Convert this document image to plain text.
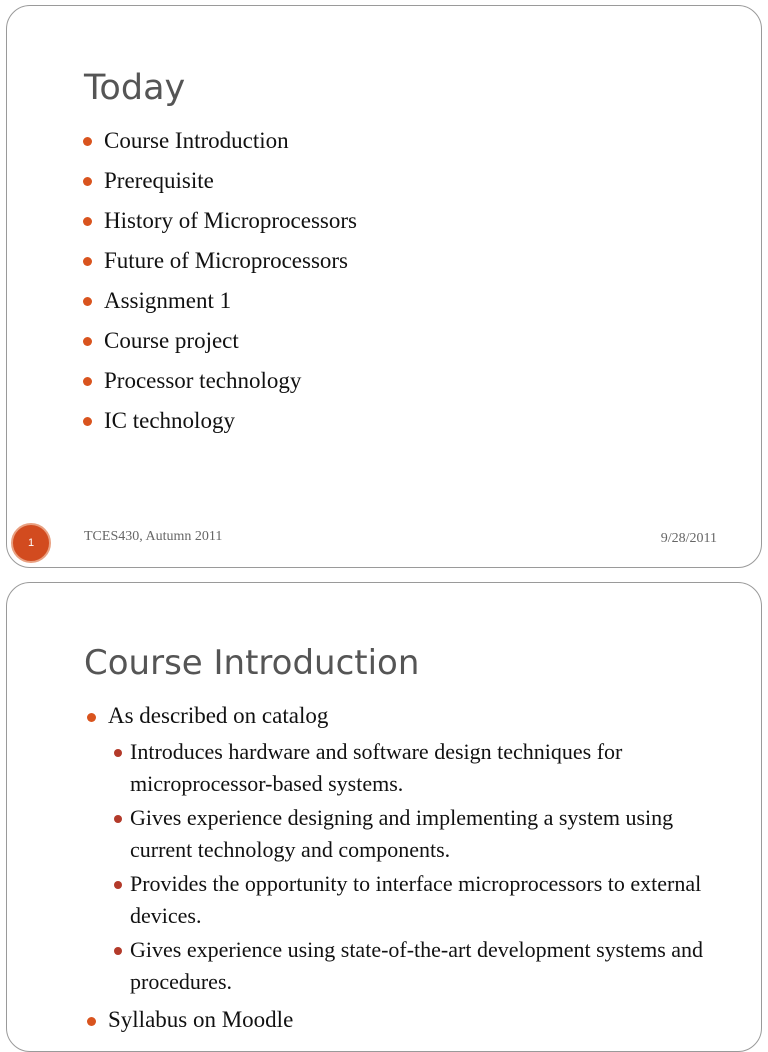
Today
Course Introduction
Prerequisite
History of Microprocessors
Future of Microprocessors
Assignment 1
Course project
Processor technology
IC technology
1	TCES430, Autumn 2011	9/28/2011
Course Introduction
As described on catalog
Introduces hardware and software design techniques for microprocessor-based systems.
Gives experience designing and implementing a system using current technology and components.
Provides the opportunity to interface microprocessors to external devices.
Gives experience using state-of-the-art development systems and procedures.
Syllabus on Moodle
